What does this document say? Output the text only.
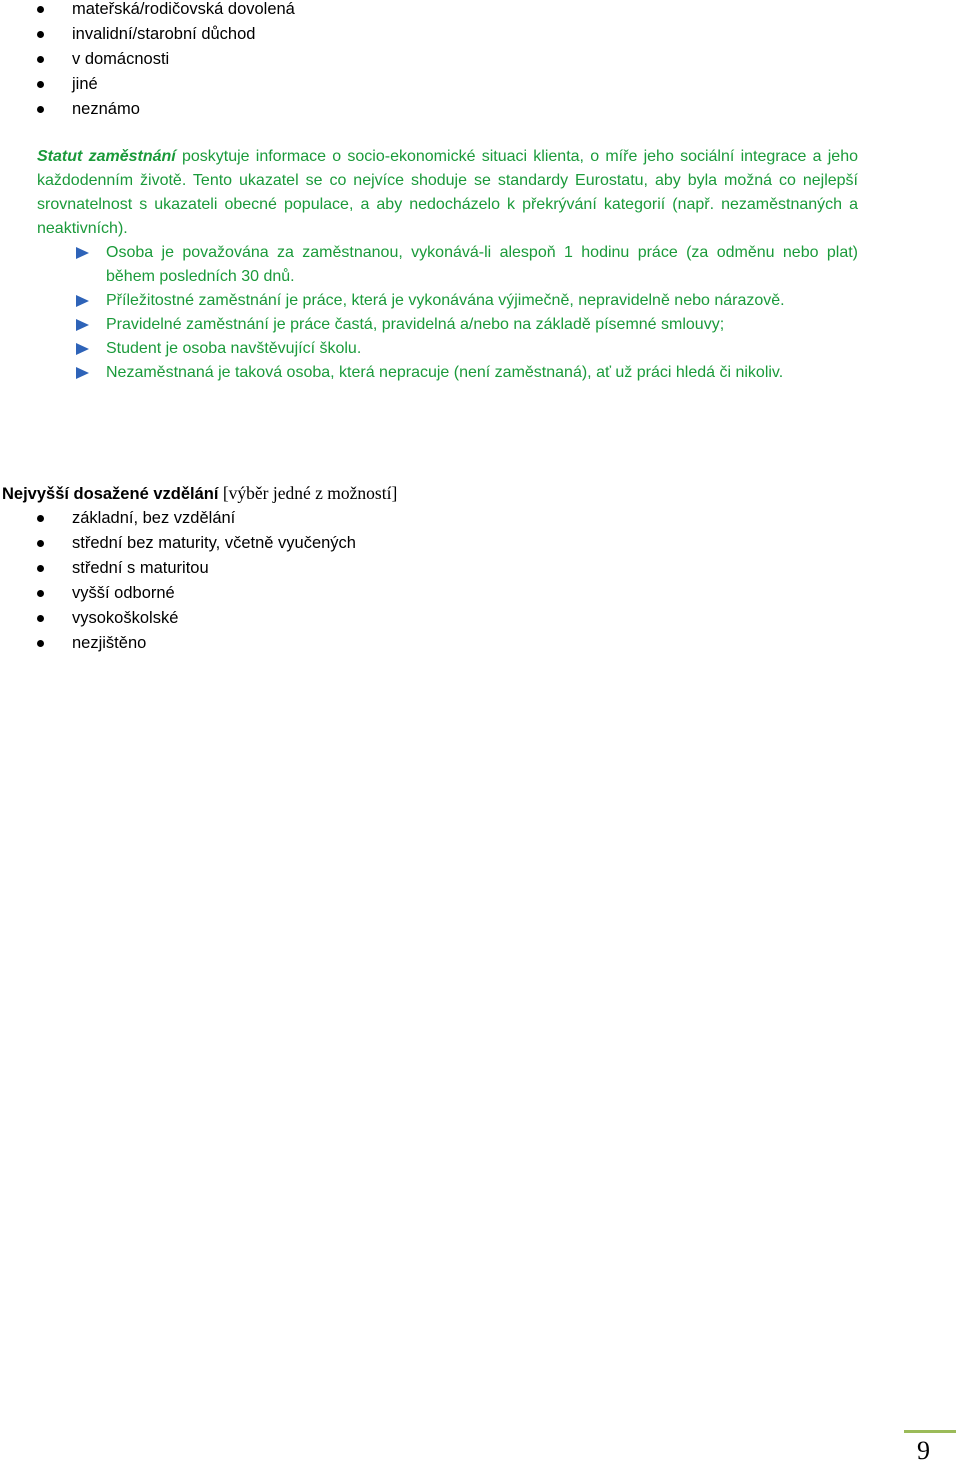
mateřská/rodičovská dovolená
invalidní/starobní důchod
v domácnosti
jiné
neznámo

Statut zaměstnání poskytuje informace o socio-ekonomické situaci klienta, o míře jeho sociální integrace a jeho každodenním životě. Tento ukazatel se co nejvíce shoduje se standardy Eurostatu, aby byla možná co nejlepší srovnatelnost s ukazateli obecné populace, a aby nedocházelo k překrývání kategorií (např. nezaměstnaných a neaktivních).

Osoba je považována za zaměstnanou, vykonává-li alespoň 1 hodinu práce (za odměnu nebo plat) během posledních 30 dnů.
Příležitostné zaměstnání je práce, která je vykonávána výjimečně, nepravidelně nebo nárazově.
Pravidelné zaměstnání je práce častá, pravidelná a/nebo na základě písemné smlouvy;
Student je osoba navštěvující školu.
Nezaměstnaná je taková osoba, která nepracuje (není zaměstnaná), ať už práci hledá či nikoliv.
Nejvyšší dosažené vzdělání [výběr jedné z možností]
základní, bez vzdělání
střední bez maturity, včetně vyučených
střední s maturitou
vyšší odborné
vysokoškolské
nezjištěno
9
